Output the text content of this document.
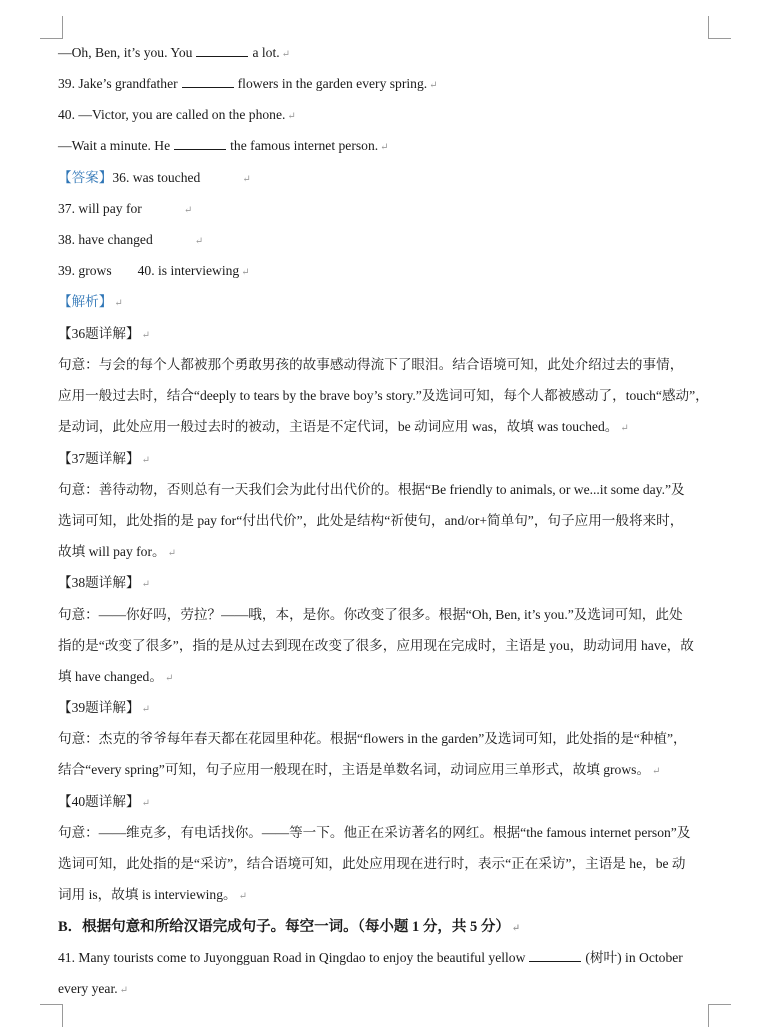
—Oh, Ben, it’s you. You	a lot. ↵
39. Jake’s grandfather	flowers in the garden every spring. ↵
40. —Victor, you are called on the phone. ↵
—Wait a minute. He	the famous internet person. ↵
【答案】36. was touched	↵
37. will pay for	↵
38. have changed	↵
39. grows 40. is interviewing ↵
【解析】 ↵
【36题详解】 ↵
句意：与会的每个人都被那个勇敢男孩的故事感动得流下了眼泪。结合语境可知，此处介绍过去的事情，
应用一般过去时，结合“deeply to tears by the brave boy’s story.”及选词可知，每个人都被感动了，touch“感动”，
是动词，此处应用一般过去时的被动，主语是不定代词，be 动词应用 was，故填 was touched。 ↵
【37题详解】 ↵
句意：善待动物，否则总有一天我们会为此付出代价的。根据“Be friendly to animals, or we...it some day.”及
选词可知，此处指的是 pay for“付出代价”，此处是结构“祈使句，and/or+简单句”，句子应用一般将来时，
故填 will pay for。 ↵
【38题详解】 ↵
句意：——你好吗，劳拉？——哦，本，是你。你改变了很多。根据“Oh, Ben, it’s you.”及选词可知，此处
指的是“改变了很多”，指的是从过去到现在改变了很多，应用现在完成时，主语是 you，助动词用 have，故
填 have changed。 ↵
【39题详解】 ↵
句意：杰克的爷爷每年春天都在花园里种花。根据“flowers in the garden”及选词可知，此处指的是“种植”，
结合“every spring”可知，句子应用一般现在时，主语是单数名词，动词应用三单形式，故填 grows。 ↵
【40题详解】 ↵
句意：——维克多，有电话找你。——等一下。他正在采访著名的网红。根据“the famous internet person”及
选词可知，此处指的是“采访”，结合语境可知，此处应用现在进行时，表示“正在采访”，主语是 he，be 动
词用 is，故填 is interviewing。 ↵
B．根据句意和所给汉语完成句子。每空一词。（每小题 1 分，共 5 分） ↵
41. Many tourists come to Juyongguan Road in Qingdao to enjoy the beautiful yellow	(树叶) in October
every year. ↵
